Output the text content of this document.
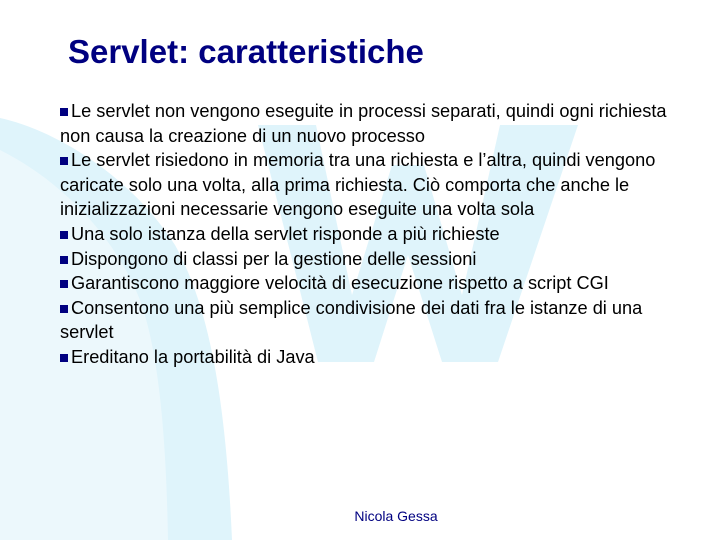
Servlet: caratteristiche
Le servlet non vengono eseguite in processi separati, quindi ogni richiesta non causa la creazione di un nuovo processo
Le servlet risiedono in memoria tra una richiesta e l’altra, quindi vengono caricate solo una volta, alla prima richiesta. Ciò comporta che anche le inizializzazioni necessarie vengono eseguite una volta sola
Una solo istanza della servlet risponde a più richieste
Dispongono di classi per la gestione delle sessioni
Garantiscono maggiore velocità di esecuzione rispetto a script CGI
Consentono una più semplice condivisione dei dati fra le istanze di una servlet
Ereditano la portabilità di Java
Nicola Gessa
